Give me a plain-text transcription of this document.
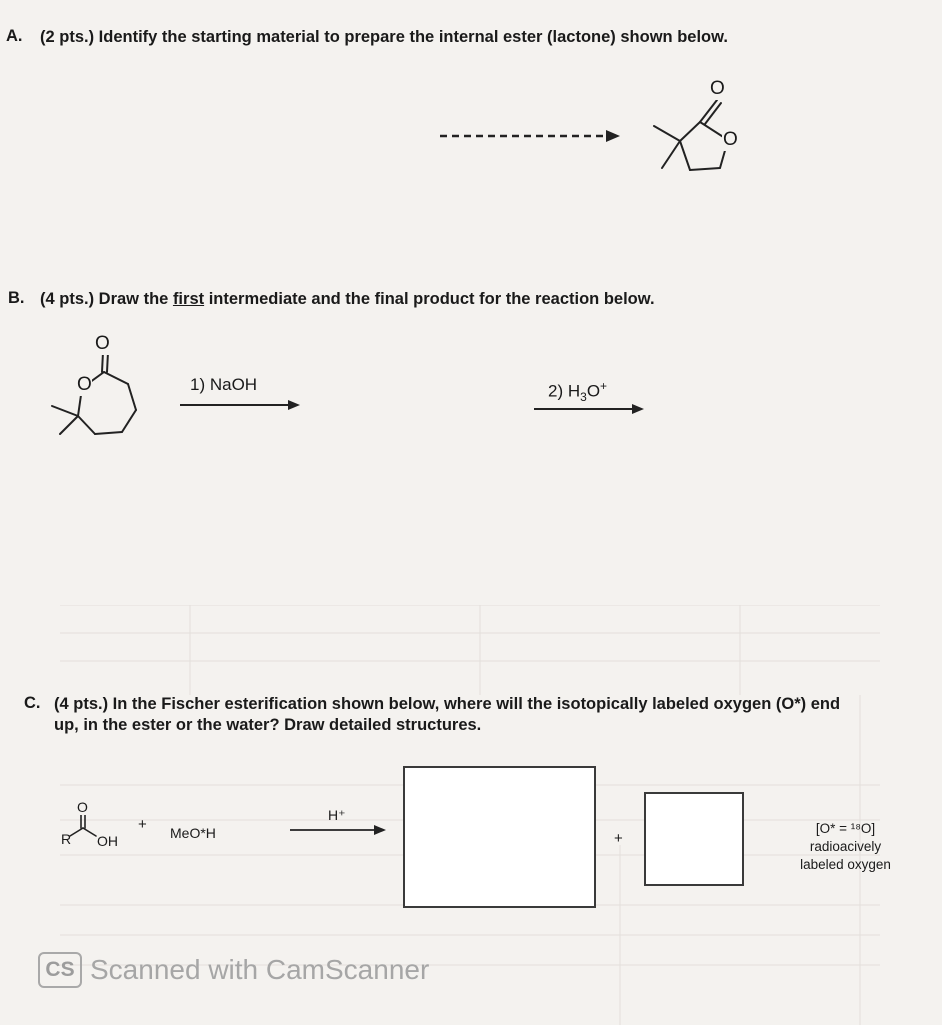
A. (2 pts.) Identify the starting material to prepare the internal ester (lactone) shown below.
O
O
B. (4 pts.) Draw the first intermediate and the final product for the reaction below.
O
O	1) NaOH	2) $H_3O^+$
C. (4 pts.) In the Fischer esterification shown below, where will the isotopically labeled oxygen (O*) end
up, in the ester or the water? Draw detailed structures.
O
R OH
+ MeO*H
H⁺
+
[O* = ¹⁸O]
radioacively
labeled oxygen
CS Scanned with CamScanner
